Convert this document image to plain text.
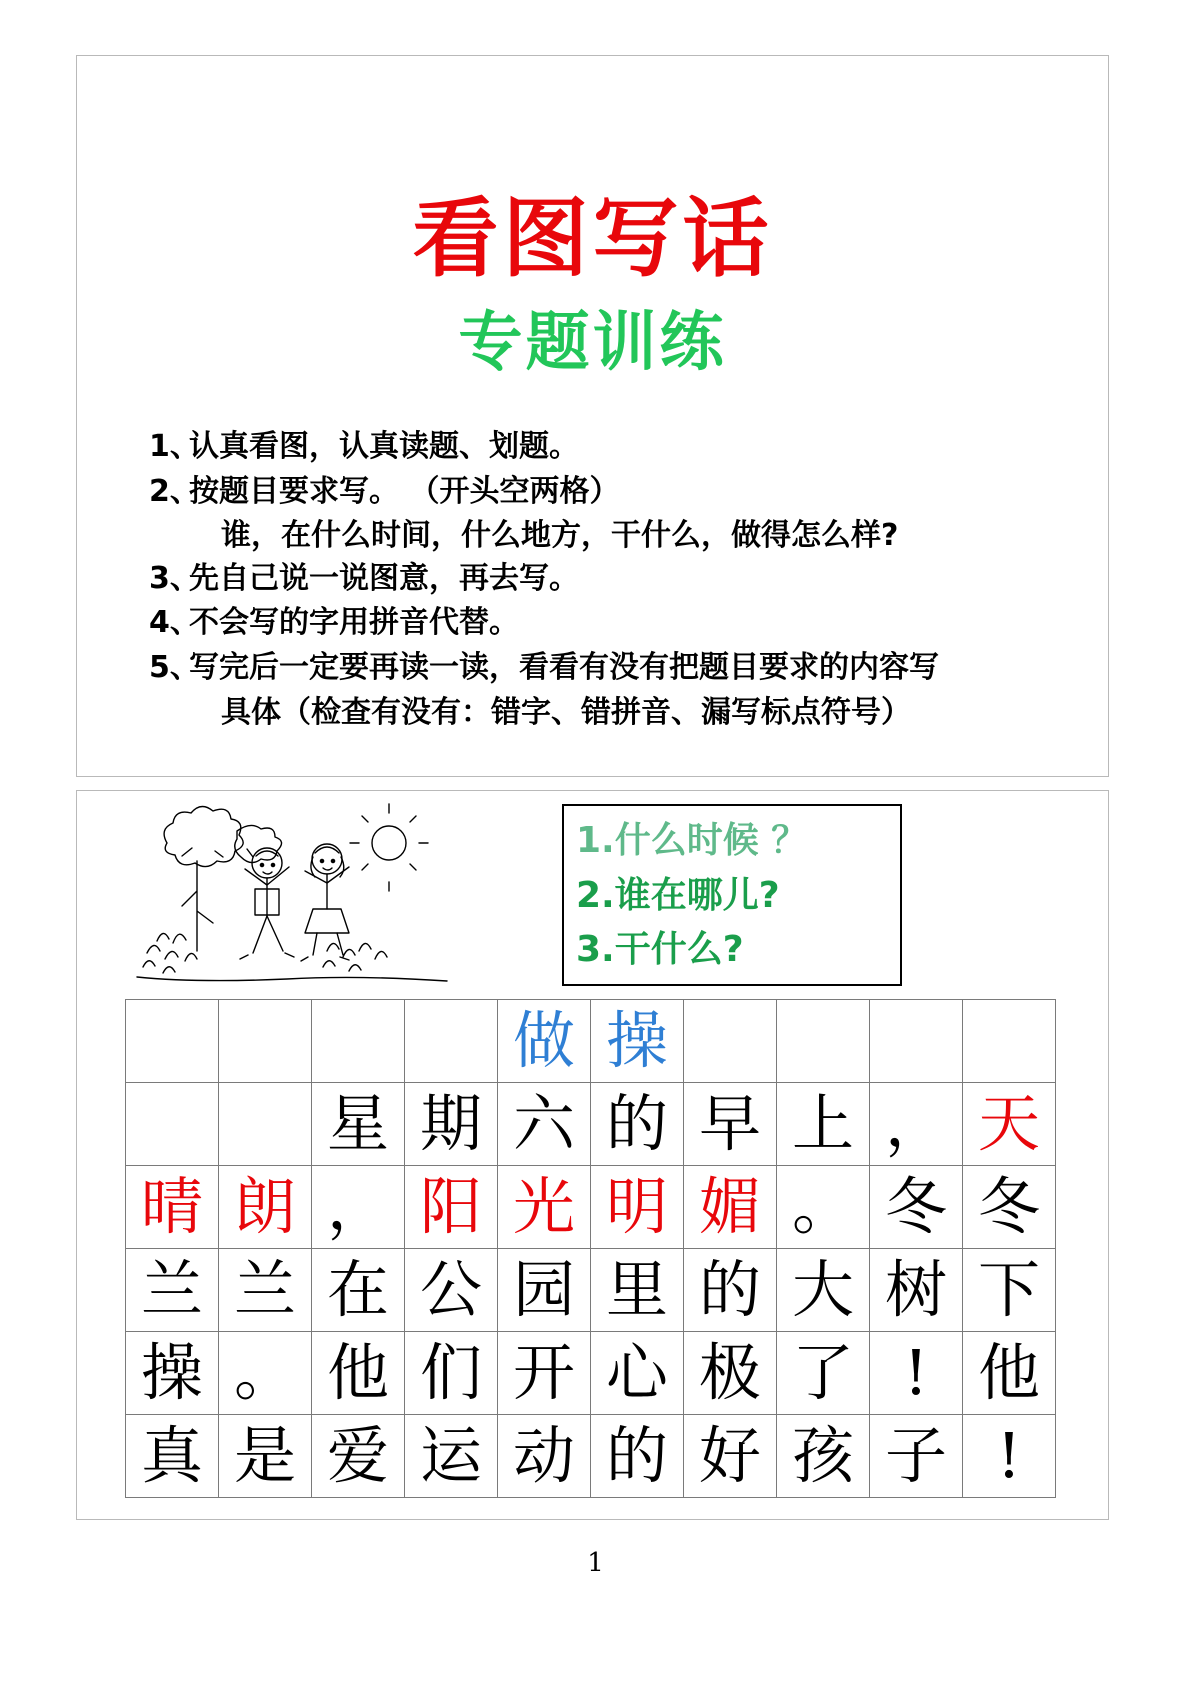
看图写话
专题训练
1、
认真看图，认真读题、划题。
2、
按题目要求写。 （开头空两格）
谁，在什么时间，什么地方，干什么，做得怎么样?
3、
先自己说一说图意，再去写。
4、
不会写的字用拼音代替。
5、
写完后一定要再读一读，看看有没有把题目要求的内容写
具体（检查有没有：错字、错拼音、漏写标点符号）
1.什么时候 ？
2.谁在哪儿?
3.干什么?
				做	操				
		星	期	六	的	早	上	，	天
晴	朗	，	阳	光	明	媚	。	冬	冬
兰	兰	在	公	园	里	的	大	树	下
操	。	他	们	开	心	极	了	!	他
真	是	爱	运	动	的	好	孩	子	!
1
